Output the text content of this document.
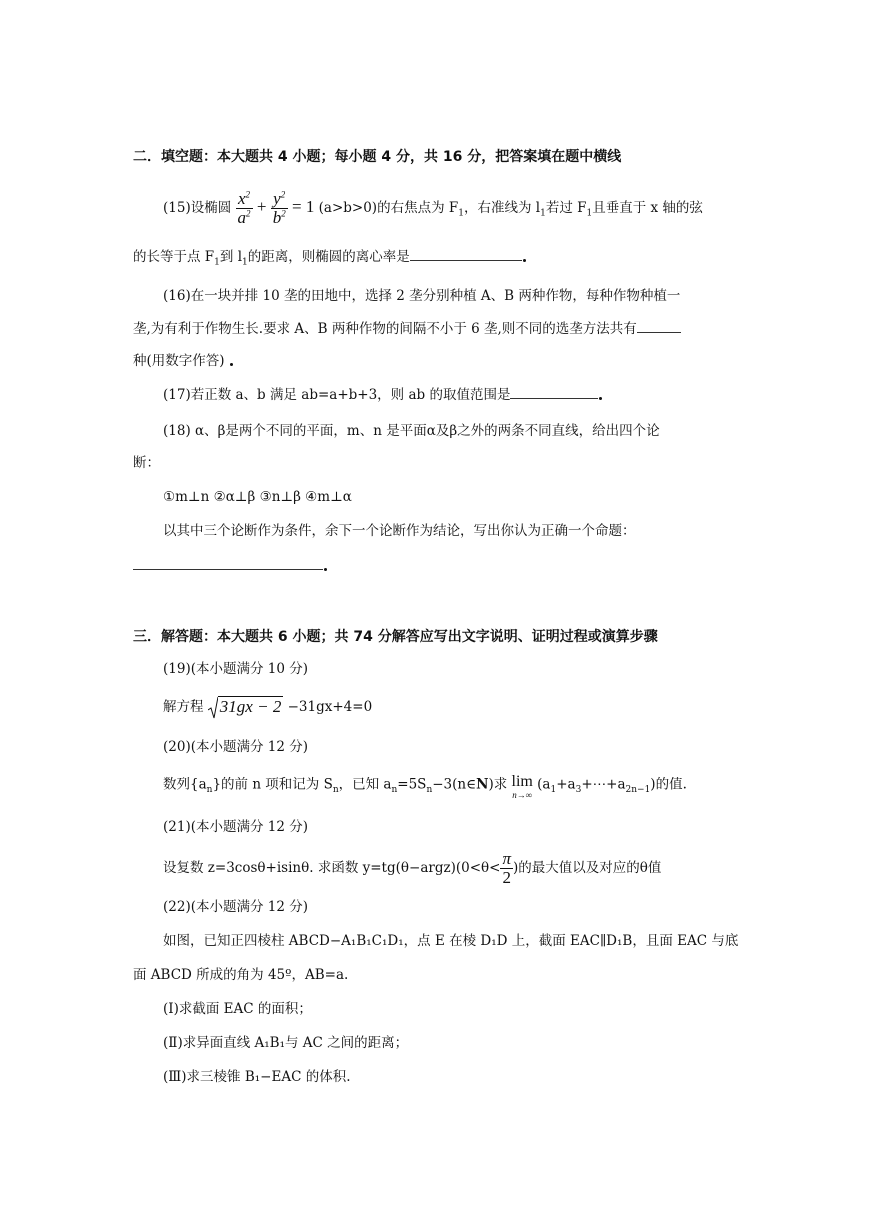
二．填空题：本大题共 4 小题；每小题 4 分，共 16 分，把答案填在题中横线
(15)设椭圆 $\frac{x^2}{a^2} + \frac{y^2}{b^2} = 1$ (a>b>0)的右焦点为 $F_1$，右准线为 $l_1$若过 $F_1$且垂直于 x 轴的弦
的长等于点 $F_1$到 $l_1$的距离，则椭圆的离心率是
(16)在一块并排 10 垄的田地中，选择 2 垄分别种植 A、B 两种作物，每种作物种植一
垄,为有利于作物生长.要求 A、B 两种作物的间隔不小于 6 垄,则不同的选垄方法共有
种(用数字作答)
(17)若正数 a、b 满足 ab=a+b+3，则 ab 的取值范围是
(18) α、β是两个不同的平面，m、n 是平面α及β之外的两条不同直线，给出四个论
断：
①m⊥n ②α⊥β ③n⊥β ④m⊥α
以其中三个论断作为条件，余下一个论断作为结论，写出你认为正确一个命题：
三．解答题：本大题共 6 小题；共 74 分解答应写出文字说明、证明过程或演算步骤
(19)(本小题满分 10 分)
解方程 31gx − 2 −31gx+4=0
(20)(本小题满分 12 分)
数列$\{a_n\}$的前 n 项和记为 $S_n$，已知 $a_n=5S_n-3(n\in N)$求 lim
n→∞
$(a_1+a_3+\cdots+a_{2n-1})$的值.
(21)(本小题满分 12 分)
设复数 z=3cosθ+isinθ. 求函数 y=tg(θ−argz)(0<θ< $\frac{\pi}{2}$ )的最大值以及对应的θ值
(22)(本小题满分 12 分)
如图，已知正四棱柱 ABCD−A₁B₁C₁D₁，点 E 在棱 D₁D 上，截面 EAC∥D₁B，且面 EAC 与底
面 ABCD 所成的角为 45º，AB=a.
(Ⅰ)求截面 EAC 的面积；
(Ⅱ)求异面直线 A₁B₁与 AC 之间的距离；
(Ⅲ)求三棱锥 B₁−EAC 的体积.
